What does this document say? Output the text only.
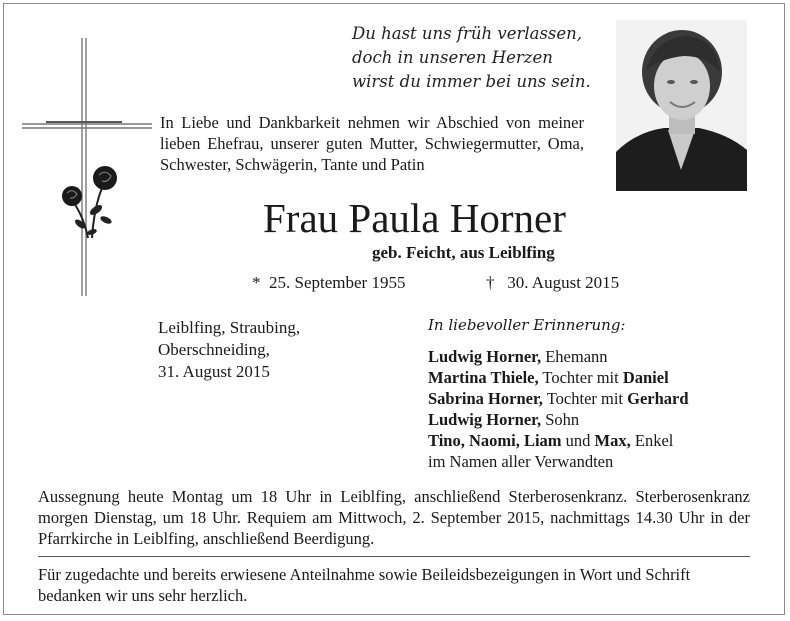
Du hast uns früh verlassen,
doch in unseren Herzen
wirst du immer bei uns sein.
In Liebe und Dankbarkeit nehmen wir Abschied von meiner lieben Ehefrau, unserer guten Mutter, Schwiegermutter, Oma, Schwester, Schwägerin, Tante und Patin
Frau Paula Horner
geb. Feicht, aus Leiblfing
* 25. September 1955	† 30. August 2015
Leiblfing, Straubing,
Oberschneiding,
31. August 2015
In liebevoller Erinnerung:
Ludwig Horner, Ehemann
Martina Thiele, Tochter mit Daniel
Sabrina Horner, Tochter mit Gerhard
Ludwig Horner, Sohn
Tino, Naomi, Liam und Max, Enkel
im Namen aller Verwandten
Aussegnung heute Montag um 18 Uhr in Leiblfing, anschließend Sterberosenkranz. Sterberosenkranz morgen Dienstag, um 18 Uhr. Requiem am Mittwoch, 2. September 2015, nachmittags 14.30 Uhr in der Pfarrkirche in Leiblfing, anschließend Beerdigung.
Für zugedachte und bereits erwiesene Anteilnahme sowie Beileidsbezeigungen in Wort und Schrift bedanken wir uns sehr herzlich.
